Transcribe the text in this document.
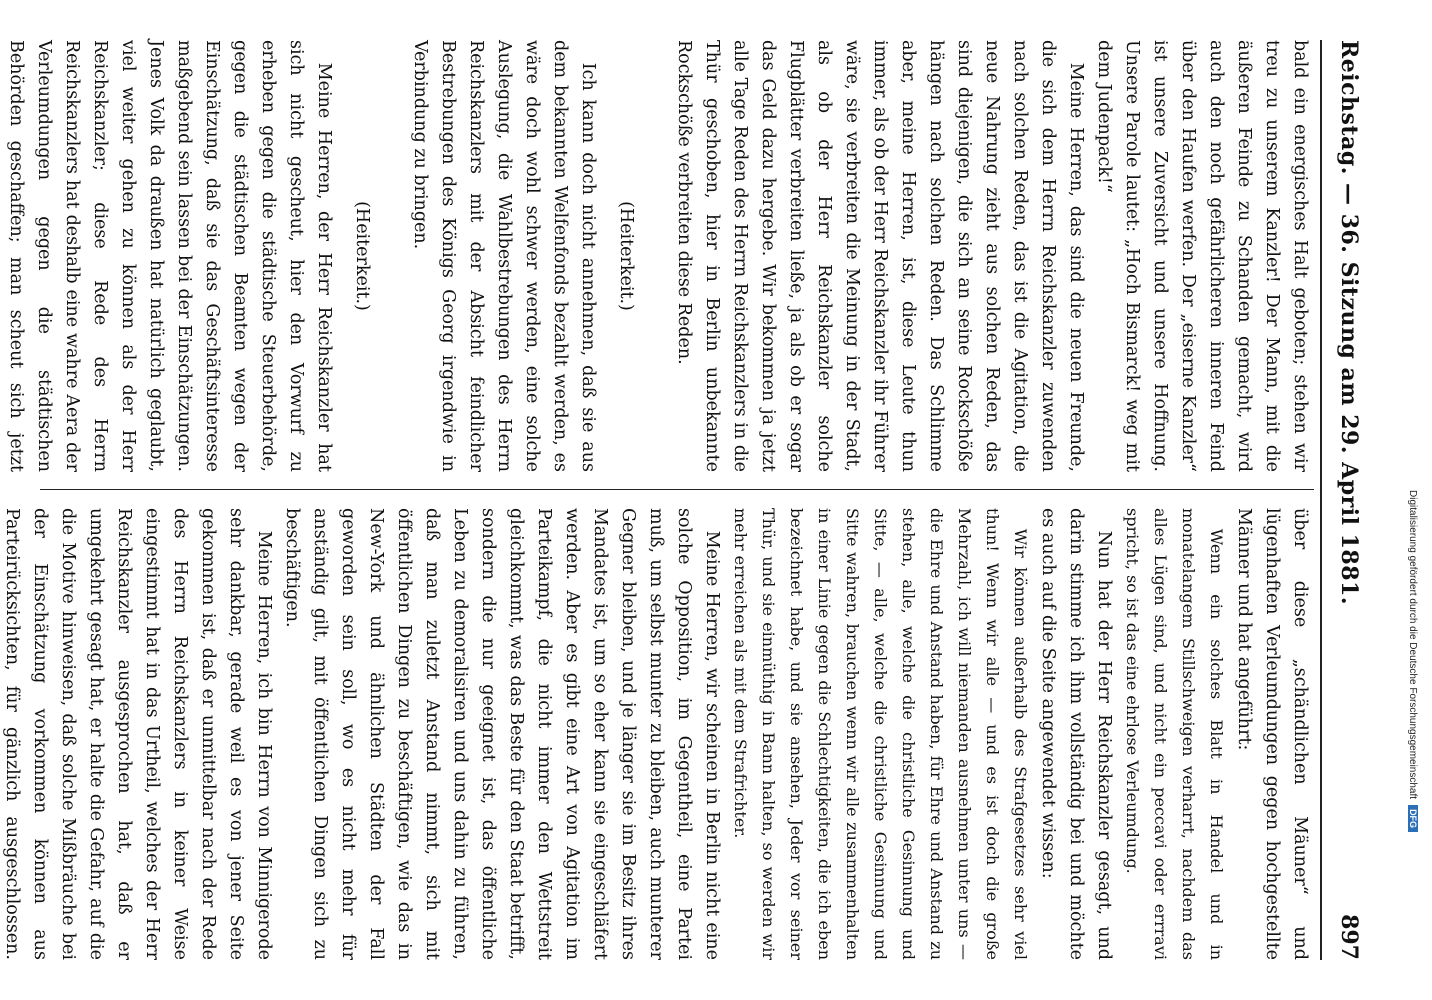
Reichstag. — 36. Sitzung am 29. April 1881.
897

bald ein energisches Halt geboten; stehen wir treu zu unserem Kanzler! Der Mann, mit die äußeren Feinde zu Schanden gemacht, wird auch den noch gefährlicheren inneren Feind über den Haufen werfen. Der „eiserne Kanzler“ ist unsere Zuversicht und unsere Hoffnung. Unsere Parole lautet: „Hoch Bismarck! weg mit dem Judenpack!“

Meine Herren, das sind die neuen Freunde, die sich dem Herrn Reichskanzler zuwenden nach solchen Reden, das ist die Agitation, die neue Nahrung zieht aus solchen Reden, das sind diejenigen, die sich an seine Rockschöße hängen nach solchen Reden. Das Schlimme aber, meine Herren, ist, diese Leute thun immer, als ob der Herr Reichskanzler ihr Führer wäre, sie verbreiten die Meinung in der Stadt, als ob der Herr Reichskanzler solche Flugblätter verbreiten ließe, ja als ob er sogar das Geld dazu hergebe. Wir bekommen ja jetzt alle Tage Reden des Herrn Reichskanzlers in die Thür geschoben, hier in Berlin unbekannte Rockschöße verbreiten diese Reden.

(Heiterkeit.)

Ich kann doch nicht annehmen, daß sie aus dem bekannten Welfenfonds bezahlt werden, es wäre doch wohl schwer werden, eine solche Auslegung, die Wahlbestrebungen des Herrn Reichskanzlers mit der Absicht feindlicher Bestrebungen des Königs Georg irgendwie in Verbindung zu bringen.

(Heiterkeit.)

Meine Herren, der Herr Reichskanzler hat sich nicht gescheut, hier den Vorwurf zu erheben gegen die städtische Steuerbehörde, gegen die städtischen Beamten wegen der Einschätzung, daß sie das Geschäftsinteresse maßgebend sein lassen bei der Einschätzungen. Jenes Volk da draußen hat natürlich geglaubt, viel weiter gehen zu können als der Herr Reichskanzler; diese Rede des Herrn Reichskanzlers hat deshalb eine wahre Aera der Verleumdungen gegen die städtischen Behörden geschaffen; man scheut sich jetzt

über diese „schändlichen Mäuner“ und lügenhaften Verleumdungen gegen hochgestellte Männer und hat angeführt:

Wenn ein solches Blatt in Handel und in monatelangem Stillschweigen verharrt, nachdem das alles Lügen sind, und nicht ein peccavi oder errravi spricht, so ist das eine ehrlose Verleumdung.

Nun hat der Herr Reichskanzler gesagt, und darin stimme ich ihm vollständig bei und möchte es auch auf die Seite angewendet wissen:

Wir können außerhalb des Strafgesetzes sehr viel thun! Wenn wir alle — und es ist doch die große Mehrzahl, ich will niemanden ausnehmen unter uns — die Ehre und Anstand haben, für Ehre und Anstand zu stehen, alle, welche die christliche Gesinnung und Sitte, — alle, welche die christliche Gesinnung und Sitte wahren, brauchen wenn wir alle zusammenhalten in einer Linie gegen die Schlechtigkeiten, die ich eben bezeichnet habe, und sie ansehen, Jeder vor seiner Thür, und sie einmüthig in Bann halten, so werden wir mehr erreichen als mit dem Strafrichter.

Meine Herren, wir scheinen in Berlin nicht eine solche Opposition, im Gegentheil, eine Partei muß, um selbst munter zu bleiben, auch munterer Gegner bleiben, und je länger sie im Besitz ihres Mandates ist, um so eher kann sie eingeschläfert werden. Aber es gibt eine Art von Agitation im Parteikampf, die nicht immer den Wettstreit gleichkommt, was das Beste für den Staat betrifft, sondern die nur geeignet ist, das öffentliche Leben zu demoralisiren und uns dahin zu führen, daß man zuletzt Anstand nimmt, sich mit öffentlichen Dingen zu beschäftigen, wie das in New-York und ähnlichen Städten der Fall geworden sein soll, wo es nicht mehr für anständig gilt, mit öffentlichen Dingen sich zu beschäftigen.

Meine Herren, ich bin Herrn von Minnigerode sehr dankbar, gerade weil es von jener Seite gekommen ist, daß er unmittelbar nach der Rede des Herrn Reichskanzlers in keiner Weise eingestimmt hat in das Urtheil, welches der Herr Reichskanzler ausgesprochen hat, daß er umgekehrt gesagt hat, er halte die Gefahr, auf die die Motive hinweisen, daß solche Mißbräuche bei der Einschätzung vorkommen können aus Parteirücksichten, für gänzlich ausgeschlossen.

Digitalisierung gefördert durch die Deutsche ForschungsgemeinschaftDFG
